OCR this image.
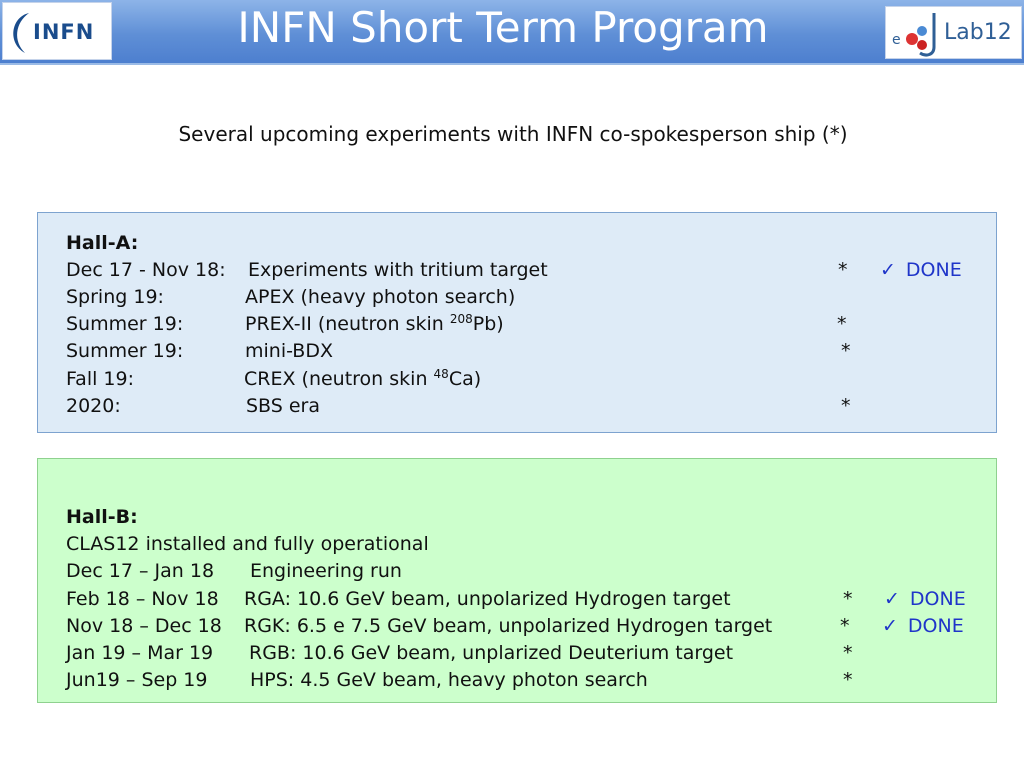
INFN	INFN Short Term Program	e Lab12
Several upcoming experiments with INFN co-spokesperson ship (*)
Hall-A:
Dec 17 - Nov 18: Experiments with tritium target	* ✓ DONE
Spring 19:	APEX (heavy photon search)
Summer 19:	PREX-II (neutron skin $^{208}$Pb)	*
Summer 19:	mini-BDX	*
Fall 19:	CREX (neutron skin $^{48}$Ca)
2020:	SBS era	*
Hall-B:
CLAS12 installed and fully operational
Dec 17 – Jan 18 Engineering run
Feb 18 – Nov 18 RGA: 10.6 GeV beam, unpolarized Hydrogen target	* ✓ DONE
Nov 18 – Dec 18 RGK: 6.5 e 7.5 GeV beam, unpolarized Hydrogen target	* ✓ DONE
Jan 19 – Mar 19 RGB: 10.6 GeV beam, unplarized Deuterium target	*
Jun19 – Sep 19 HPS: 4.5 GeV beam, heavy photon search	*
